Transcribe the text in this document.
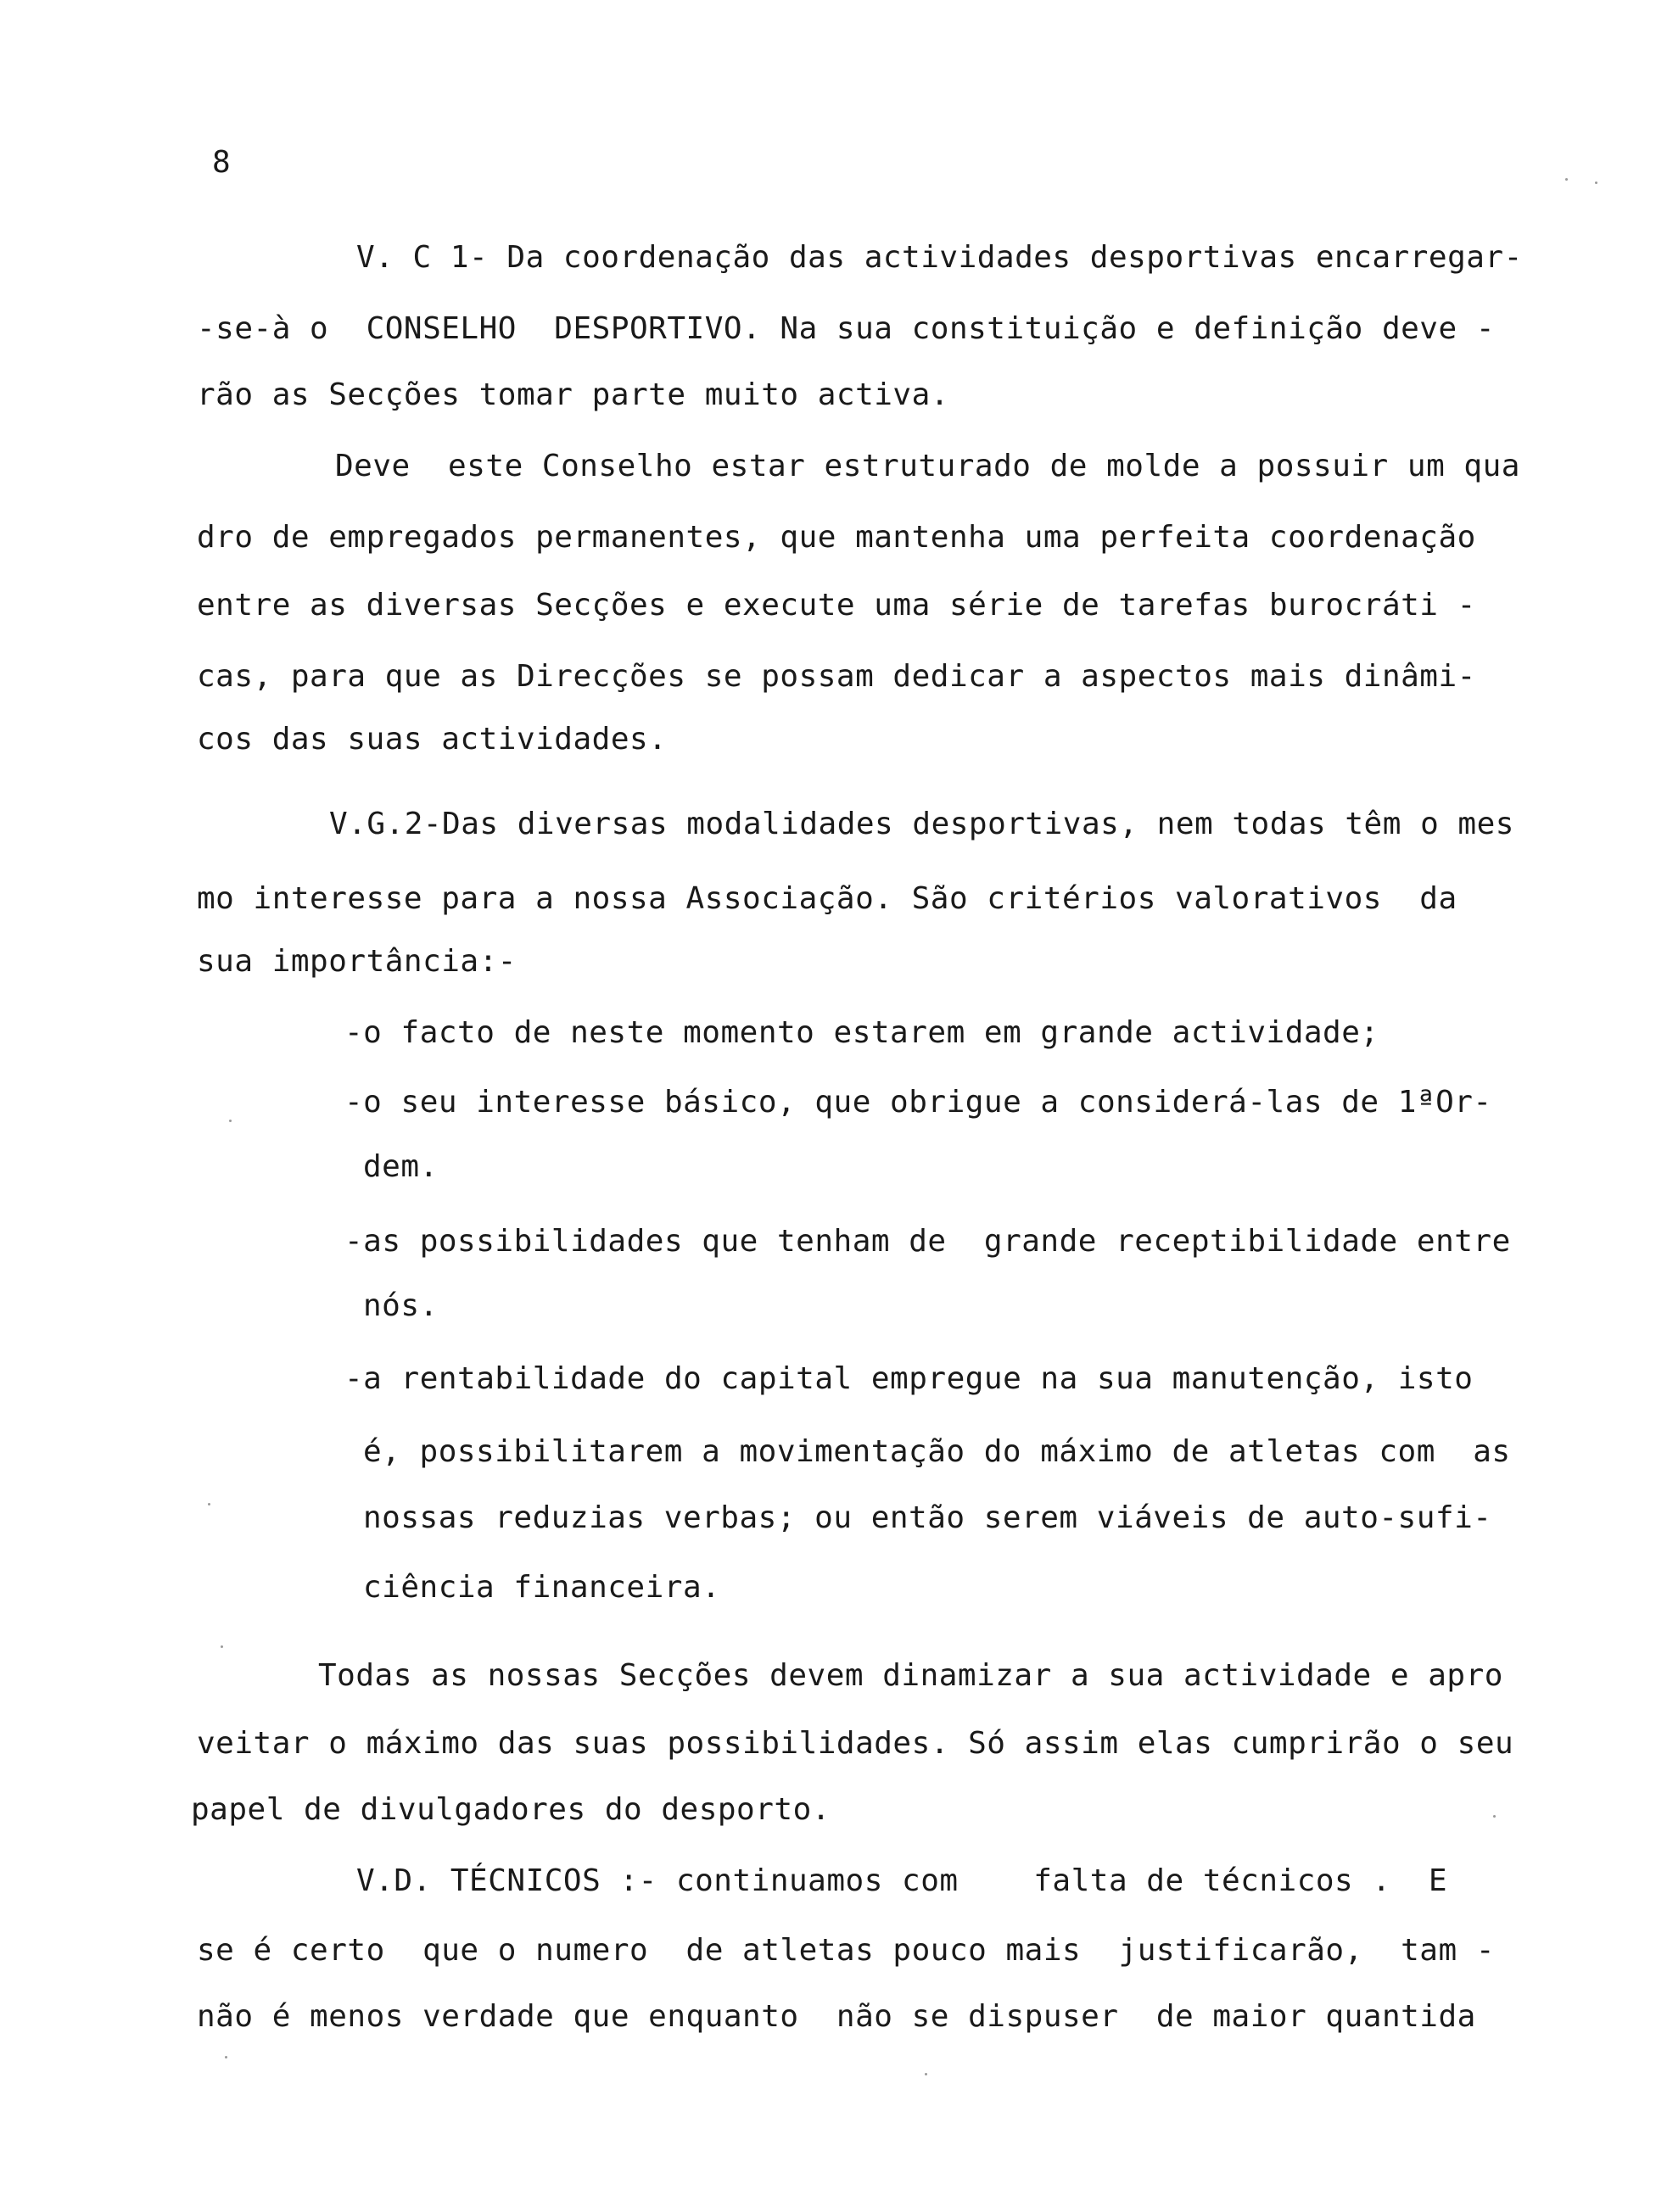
8
V. C 1- Da coordenação das actividades desportivas encarregar-
-se-à o  CONSELHO  DESPORTIVO. Na sua constituição e definição deve -
rão as Secções tomar parte muito activa.
Deve  este Conselho estar estruturado de molde a possuir um qua
dro de empregados permanentes, que mantenha uma perfeita coordenação
entre as diversas Secções e execute uma série de tarefas burocráti -
cas, para que as Direcções se possam dedicar a aspectos mais dinâmi-
cos das suas actividades.
V.G.2-Das diversas modalidades desportivas, nem todas têm o mes
mo interesse para a nossa Associação. São critérios valorativos  da
sua importância:-
-o facto de neste momento estarem em grande actividade;
-o seu interesse básico, que obrigue a considerá-las de 1ªOr-
dem.
-as possibilidades que tenham de  grande receptibilidade entre
nós.
-a rentabilidade do capital empregue na sua manutenção, isto
é, possibilitarem a movimentação do máximo de atletas com  as
nossas reduzias verbas; ou então serem viáveis de auto-sufi-
ciência financeira.
Todas as nossas Secções devem dinamizar a sua actividade e apro
veitar o máximo das suas possibilidades. Só assim elas cumprirão o seu
papel de divulgadores do desporto.
V.D. TÉCNICOS :- continuamos com    falta de técnicos .  E
se é certo  que o numero  de atletas pouco mais  justificarão,  tam -
não é menos verdade que enquanto  não se dispuser  de maior quantida
